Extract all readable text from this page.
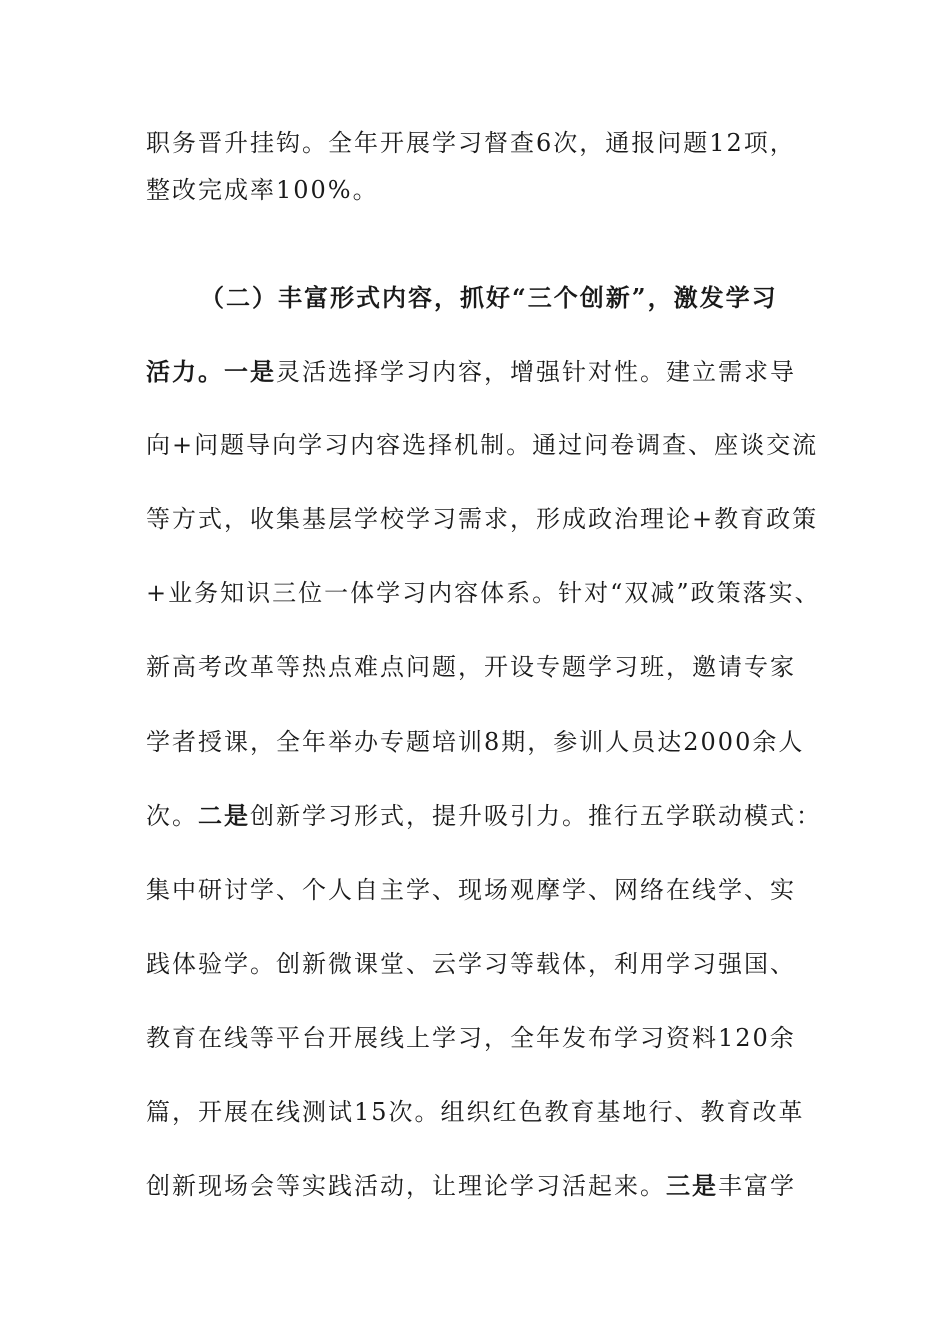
职务晋升挂钩。全年开展学习督查6次，通报问题12项，
整改完成率100%。
（二）丰富形式内容，抓好“三个创新”，激发学习
活力。一是灵活选择学习内容，增强针对性。建立需求导
向+问题导向学习内容选择机制。通过问卷调查、座谈交流
等方式，收集基层学校学习需求，形成政治理论+教育政策
+业务知识三位一体学习内容体系。针对“双减”政策落实、
新高考改革等热点难点问题，开设专题学习班，邀请专家
学者授课，全年举办专题培训8期，参训人员达2000余人
次。二是创新学习形式，提升吸引力。推行五学联动模式：
集中研讨学、个人自主学、现场观摩学、网络在线学、实
践体验学。创新微课堂、云学习等载体，利用学习强国、
教育在线等平台开展线上学习，全年发布学习资料120余
篇，开展在线测试15次。组织红色教育基地行、教育改革
创新现场会等实践活动，让理论学习活起来。三是丰富学
